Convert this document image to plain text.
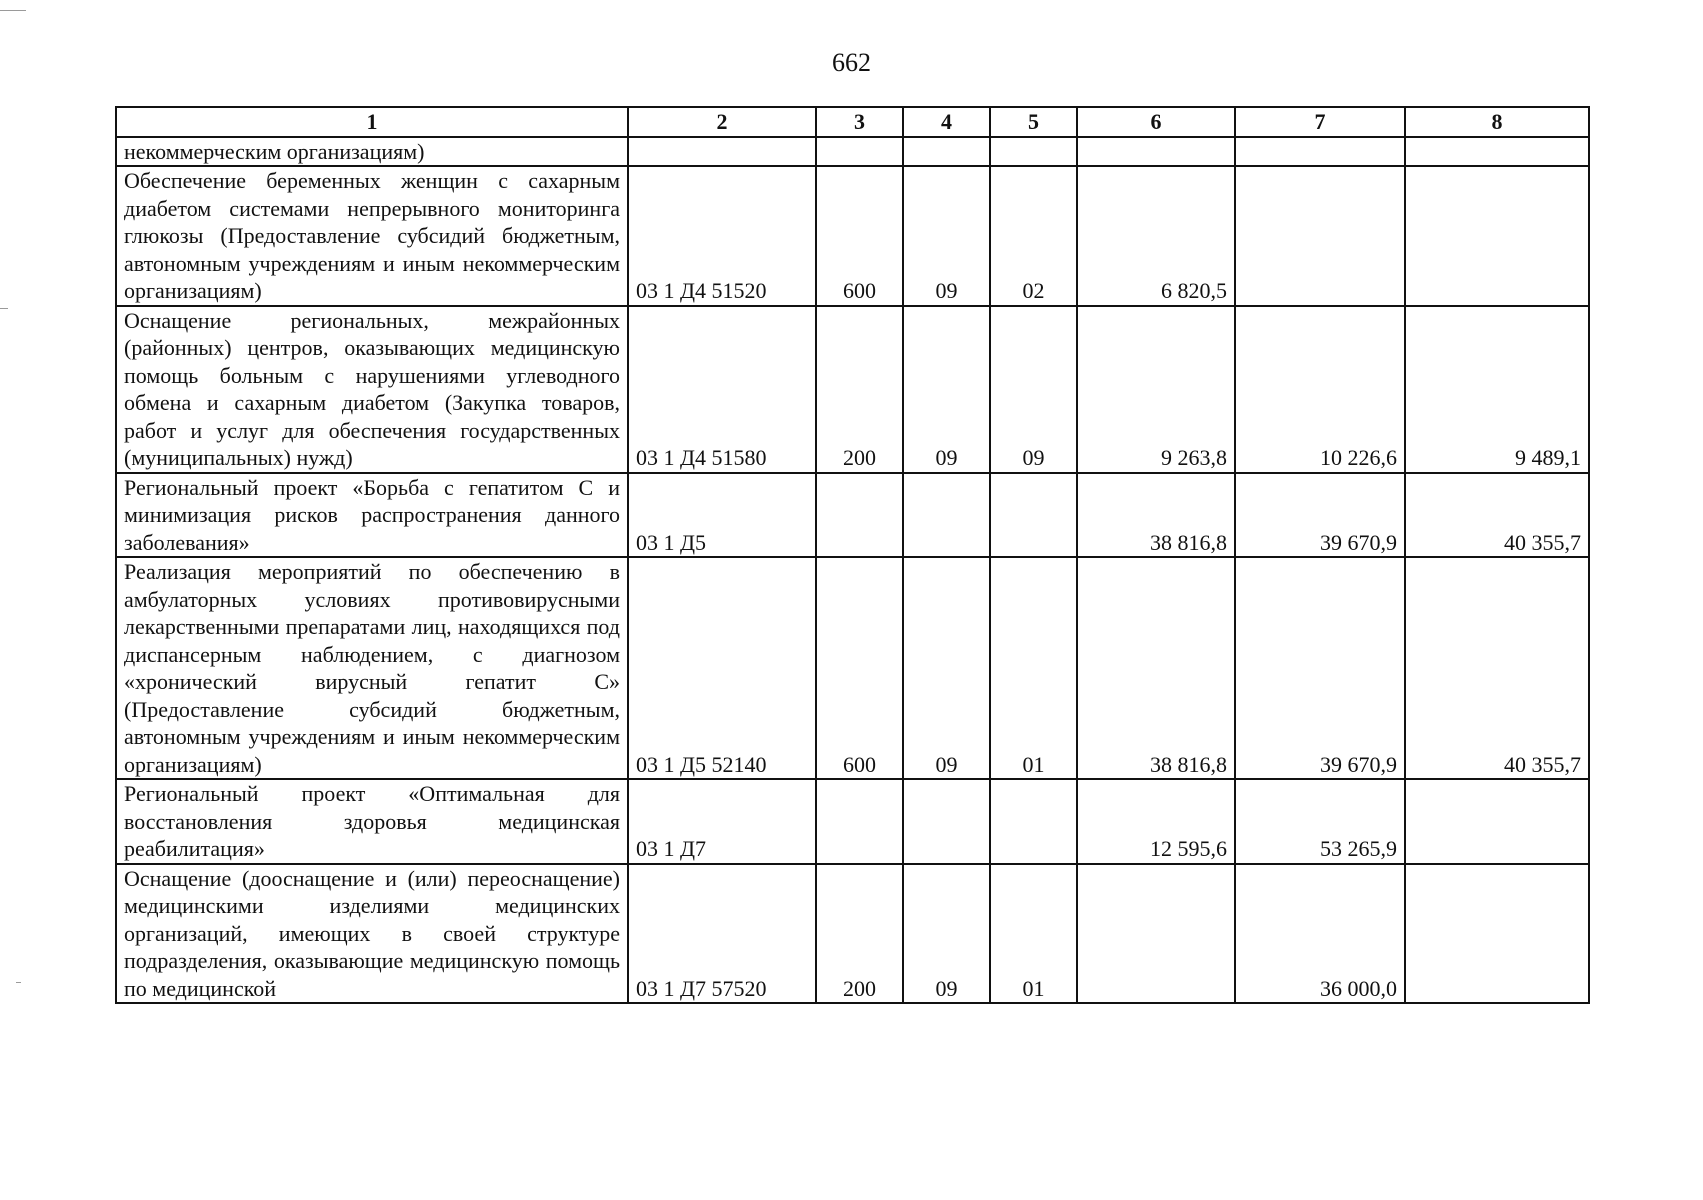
662
1	2	3	4	5	6	7	8
некоммерческим организациям)							
Обеспечение беременных женщин с сахарным диабетом системами непрерывного мониторинга глюкозы (Предоставление субсидий бюджетным, автономным учреждениям и иным некоммерческим организациям)	03 1 Д4 51520	600	09	02	6 820,5		
Оснащение региональных, межрайонных (районных) центров, оказывающих медицинскую помощь больным с нарушениями углеводного обмена и сахарным диабетом (Закупка товаров, работ и услуг для обеспечения государственных (муниципальных) нужд)	03 1 Д4 51580	200	09	09	9 263,8	10 226,6	9 489,1
Региональный проект «Борьба с гепатитом С и минимизация рисков распространения данного заболевания»	03 1 Д5				38 816,8	39 670,9	40 355,7
Реализация мероприятий по обеспечению в амбулаторных условиях противовирусными лекарственными препаратами лиц, находящихся под диспансерным наблюдением, с диагнозом «хронический вирусный гепатит С» (Предоставление субсидий бюджетным, автономным учреждениям и иным некоммерческим организациям)	03 1 Д5 52140	600	09	01	38 816,8	39 670,9	40 355,7
Региональный проект «Оптимальная для восстановления здоровья медицинская реабилитация»	03 1 Д7				12 595,6	53 265,9	
Оснащение (дооснащение и (или) переоснащение) медицинскими изделиями медицинских организаций, имеющих в своей структуре подразделения, оказывающие медицинскую помощь по медицинской	03 1 Д7 57520	200	09	01		36 000,0	
